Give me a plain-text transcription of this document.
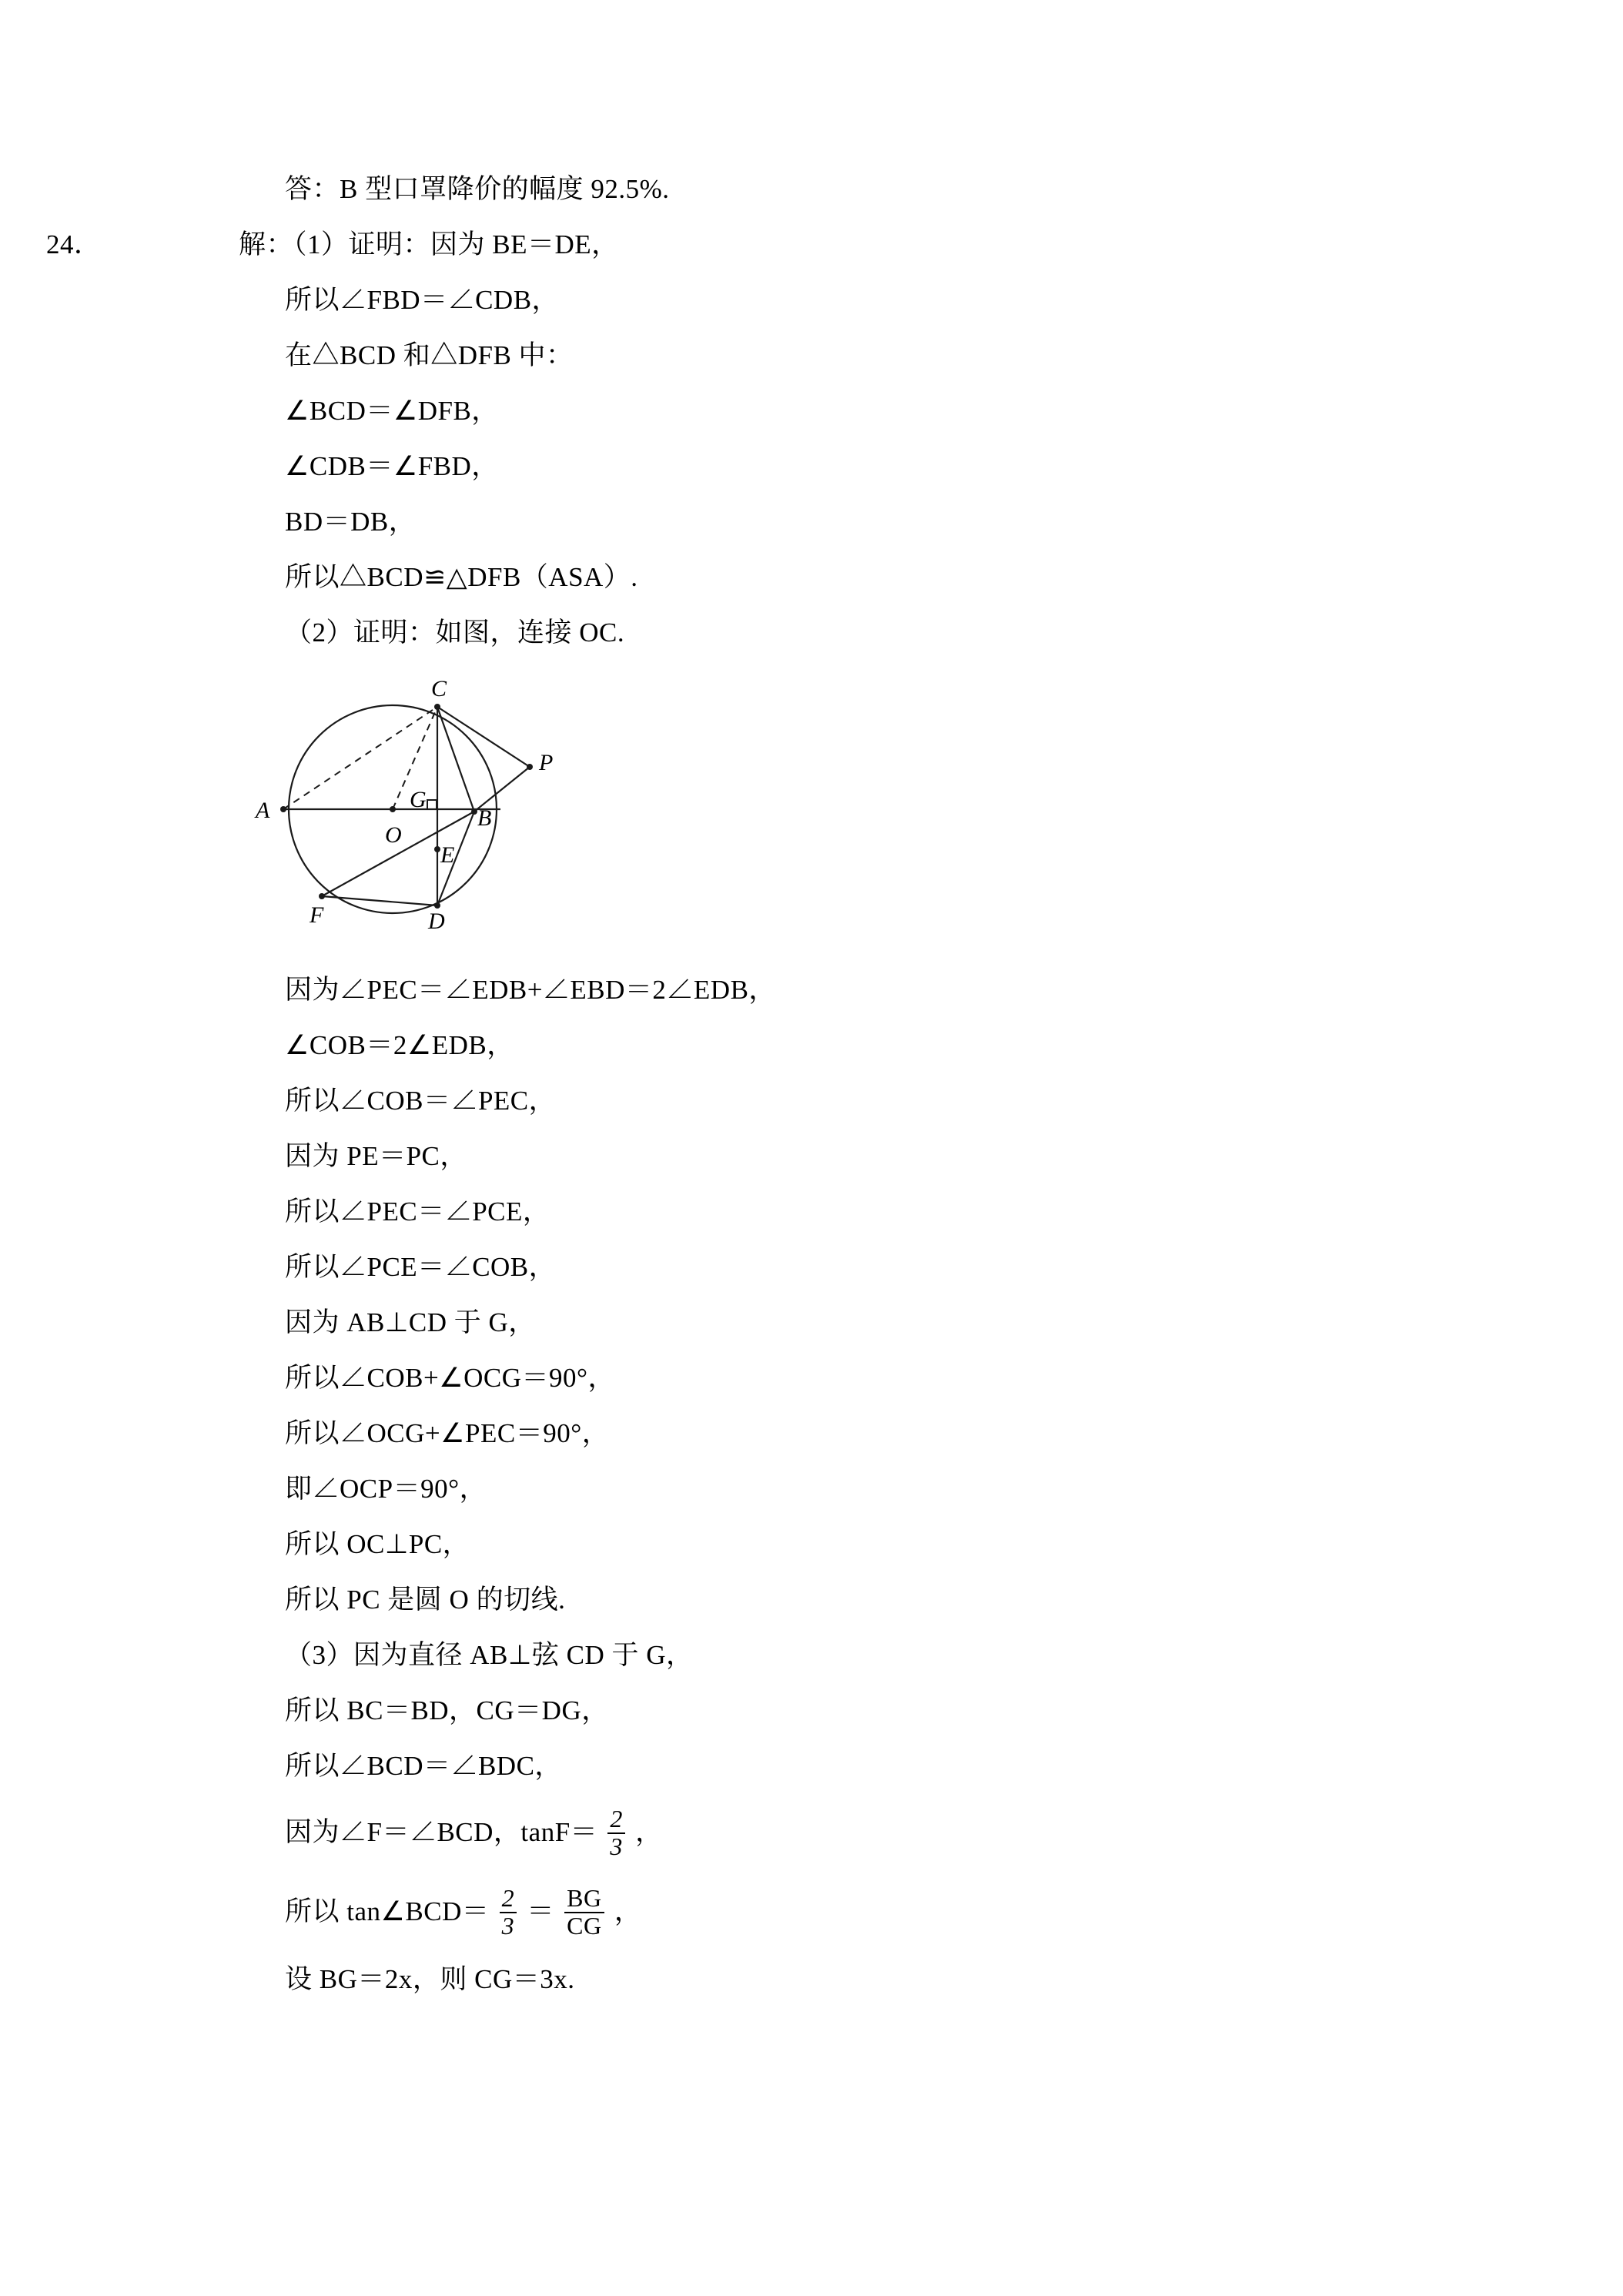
答：B 型口罩降价的幅度 92.5%.
24．	解：（1）证明：因为 BE＝DE，
所以∠FBD＝∠CDB，
在△BCD 和△DFB 中：
∠BCD＝∠DFB，
∠CDB＝∠FBD，
BD＝DB，
所以△BCD≌△DFB（ASA）.
（2）证明：如图，连接 OC.
C
A
O
B
D
F
P
G
E
因为∠PEC＝∠EDB+∠EBD＝2∠EDB，
∠COB＝2∠EDB，
所以∠COB＝∠PEC，
因为 PE＝PC，
所以∠PEC＝∠PCE，
所以∠PCE＝∠COB，
因为 AB⊥CD 于 G，
所以∠COB+∠OCG＝90°，
所以∠OCG+∠PEC＝90°，
即∠OCP＝90°，
所以 OC⊥PC，
所以 PC 是圆 O 的切线.
（3）因为直径 AB⊥弦 CD 于 G，
所以 BC＝BD，CG＝DG，
所以∠BCD＝∠BDC，
因为∠F＝∠BCD，$\tan F= \frac{2}{3}$ ，
所以 tan∠BCD＝ $\frac{2}{3} = \frac{BG}{CG}$ ，
设 BG＝2x，则 CG＝3x.
